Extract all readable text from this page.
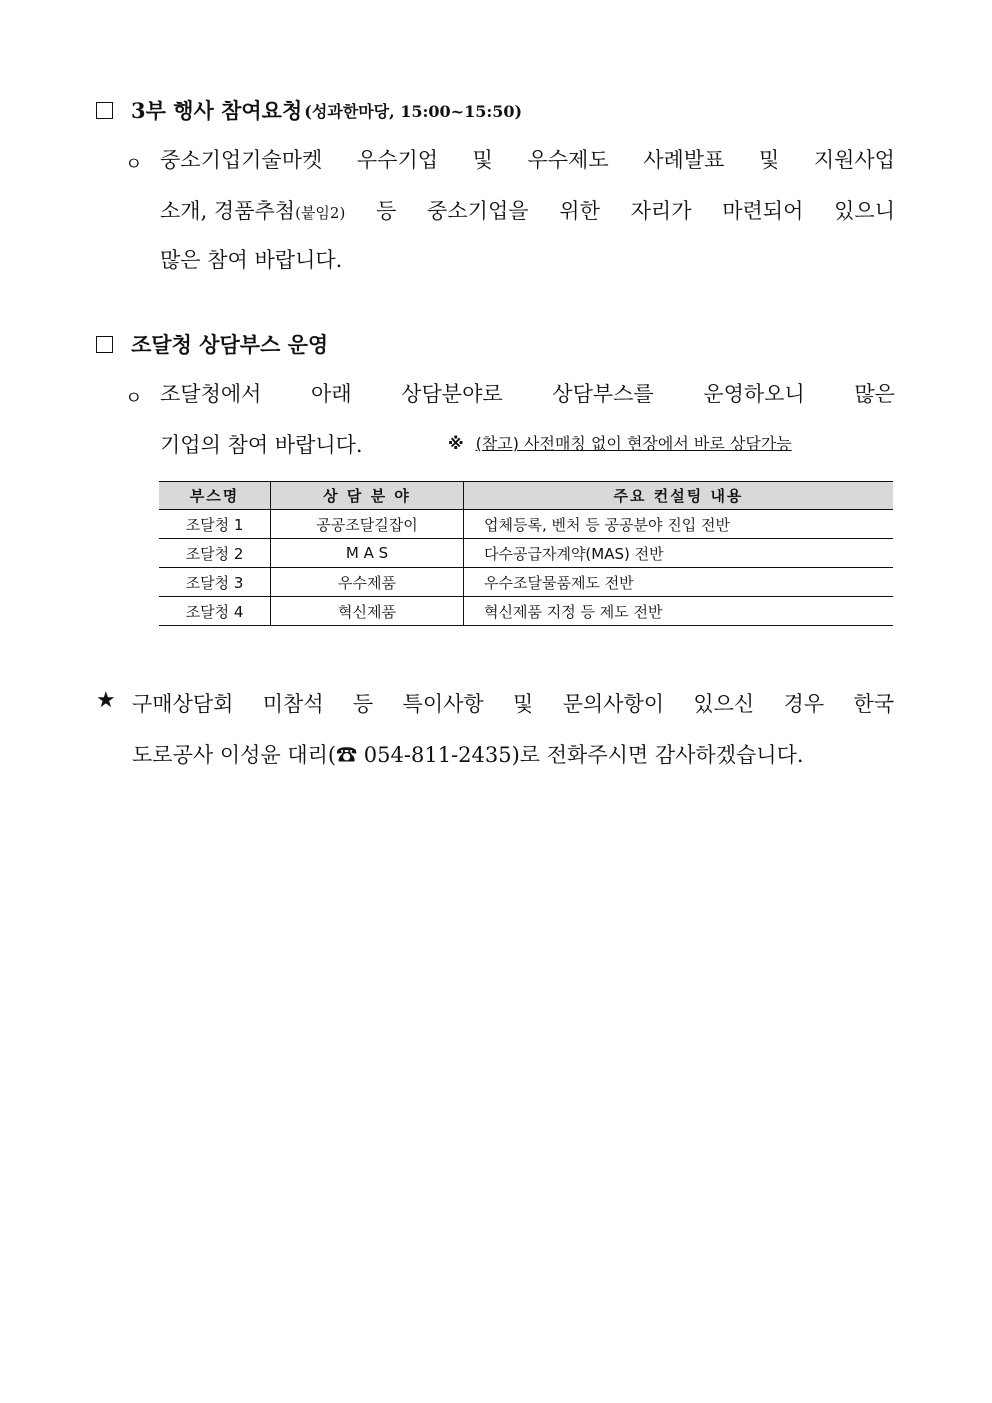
3부 행사 참여요청 (성과한마당, 15:00~15:50)
ㅇ 중소기업기술마켓 우수기업 및 우수제도 사례발표 및 지원사업
소개, 경품추첨(붙임2) 등 중소기업을 위한 자리가 마련되어 있으니
많은 참여 바랍니다.
조달청 상담부스 운영
ㅇ 조달청에서 아래 상담분야로 상담부스를 운영하오니 많은
기업의 참여 바랍니다.	※ (참고) 사전매칭 없이 현장에서 바로 상담가능
부스명	상 담 분 야	주요 컨설팅 내용
조달청 1	공공조달길잡이	업체등록, 벤처 등 공공분야 진입 전반
조달청 2	M A S	다수공급자계약(MAS) 전반
조달청 3	우수제품	우수조달물품제도 전반
조달청 4	혁신제품	혁신제품 지정 등 제도 전반
★ 구매상담회 미참석 등 특이사항 및 문의사항이 있으신 경우 한국
도로공사 이성윤 대리(☎ 054-811-2435)로 전화주시면 감사하겠습니다.
